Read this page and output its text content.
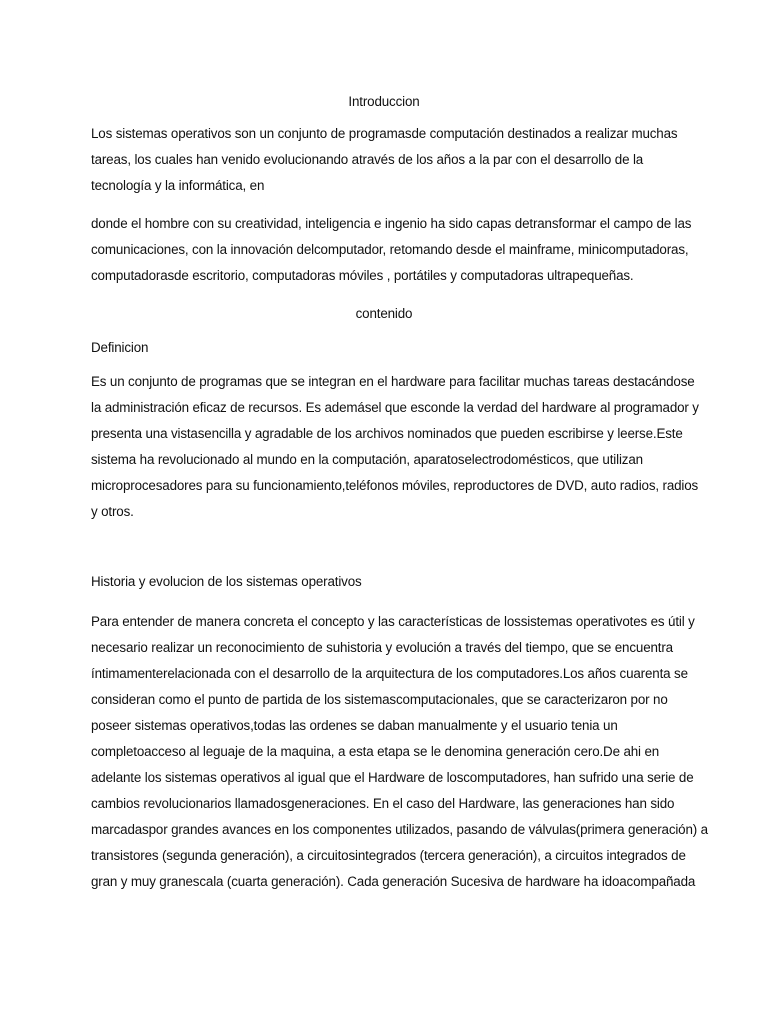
Introduccion
Los sistemas operativos son un conjunto de programasde computación destinados a realizar muchas
tareas, los cuales han venido evolucionando através de los años a la par con el desarrollo de la
tecnología y la informática, en
donde el hombre con su creatividad, inteligencia e ingenio ha sido capas detransformar el campo de las
comunicaciones, con la innovación delcomputador, retomando desde el mainframe, minicomputadoras,
computadorasde escritorio, computadoras móviles , portátiles y computadoras ultrapequeñas.
contenido
Definicion
Es un conjunto de programas que se integran en el hardware para facilitar muchas tareas destacándose
la administración eficaz de recursos. Es ademásel que esconde la verdad del hardware al programador y
presenta una vistasencilla y agradable de los archivos nominados que pueden escribirse y leerse.Este
sistema ha revolucionado al mundo en la computación, aparatoselectrodomésticos, que utilizan
microprocesadores para su funcionamiento,teléfonos móviles, reproductores de DVD, auto radios, radios
y otros.
Historia y evolucion de los sistemas operativos
Para entender de manera concreta el concepto y las características de lossistemas operativotes es útil y
necesario realizar un reconocimiento de suhistoria y evolución a través del tiempo, que se encuentra
íntimamenterelacionada con el desarrollo de la arquitectura de los computadores.Los años cuarenta se
consideran como el punto de partida de los sistemascomputacionales, que se caracterizaron por no
poseer sistemas operativos,todas las ordenes se daban manualmente y el usuario tenia un
completoacceso al leguaje de la maquina, a esta etapa se le denomina generación cero.De ahi en
adelante los sistemas operativos al igual que el Hardware de loscomputadores, han sufrido una serie de
cambios revolucionarios llamadosgeneraciones. En el caso del Hardware, las generaciones han sido
marcadaspor grandes avances en los componentes utilizados, pasando de válvulas(primera generación) a
transistores (segunda generación), a circuitosintegrados (tercera generación), a circuitos integrados de
gran y muy granescala (cuarta generación). Cada generación Sucesiva de hardware ha idoacompañada
